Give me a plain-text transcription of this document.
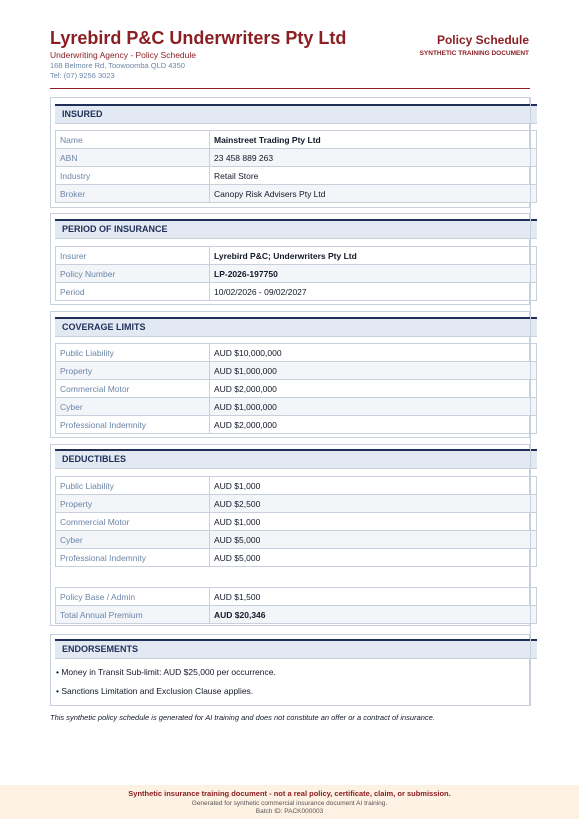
Lyrebird P&C Underwriters Pty Ltd
Underwriting Agency - Policy Schedule
168 Belmore Rd, Toowoomba QLD 4350
Tel: (07) 9256 3023
Policy Schedule
SYNTHETIC TRAINING DOCUMENT
INSURED
Name	Mainstreet Trading Pty Ltd
ABN	23 458 889 263
Industry	Retail Store
Broker	Canopy Risk Advisers Pty Ltd
PERIOD OF INSURANCE
Insurer	Lyrebird P&C; Underwriters Pty Ltd
Policy Number	LP-2026-197750
Period	10/02/2026 - 09/02/2027
COVERAGE LIMITS
Public Liability	AUD $10,000,000
Property	AUD $1,000,000
Commercial Motor	AUD $2,000,000
Cyber	AUD $1,000,000
Professional Indemnity	AUD $2,000,000
DEDUCTIBLES
Public Liability	AUD $1,000
Property	AUD $2,500
Commercial Motor	AUD $1,000
Cyber	AUD $5,000
Professional Indemnity	AUD $5,000
Policy Base / Admin	AUD $1,500
Total Annual Premium	AUD $20,346
ENDORSEMENTS
• Money in Transit Sub-limit: AUD $25,000 per occurrence.
• Sanctions Limitation and Exclusion Clause applies.
This synthetic policy schedule is generated for AI training and does not constitute an offer or a contract of insurance.
Synthetic insurance training document - not a real policy, certificate, claim, or submission.
Generated for synthetic commercial insurance document AI training.
Batch ID: PACK000003
